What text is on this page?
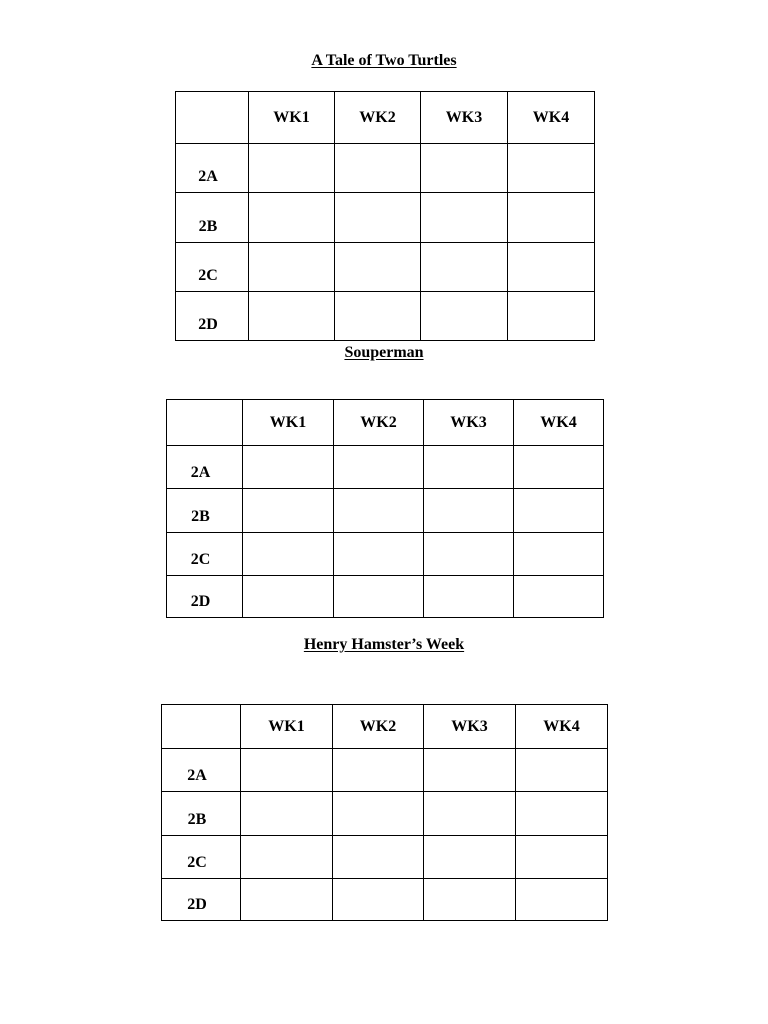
A Tale of Two Turtles
	WK1	WK2	WK3	WK4
2A				
2B				
2C				
2D				
Souperman
	WK1	WK2	WK3	WK4
2A				
2B				
2C				
2D				
Henry Hamster’s Week
	WK1	WK2	WK3	WK4
2A				
2B				
2C				
2D				
